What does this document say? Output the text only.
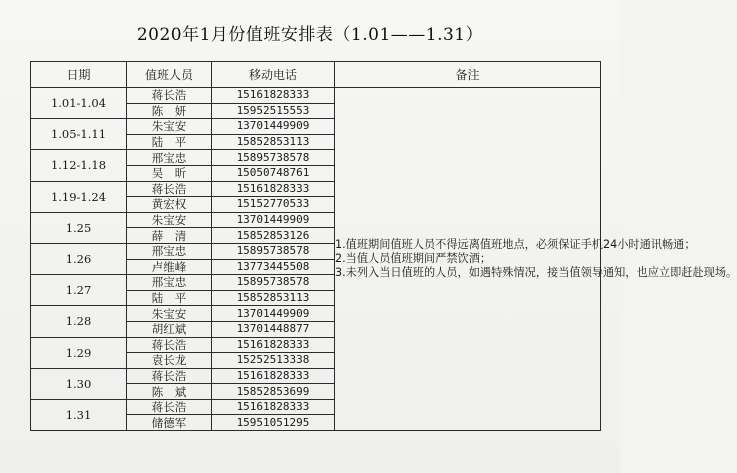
2020年1月份值班安排表（1.01——1.31）
日期	值班人员	移动电话	备注
1.01-1.04	蒋长浩	15161828333	1.值班期间值班人员不得远离值班地点，必须保证手机24小时通讯畅通；
2.当值人员值班期间严禁饮酒；
3.未列入当日值班的人员，如遇特殊情况，接当值领导通知，也应立即赶赴现场。

	陈　妍	15952515553	
1.05-1.11	朱宝安	13701449909	
	陆　平	15852853113	
1.12-1.18	邢宝忠	15895738578	
	吴　昕	15050748761	
1.19-1.24	蒋长浩	15161828333	
	黄宏权	15152770533	
1.25	朱宝安	13701449909	
	薛　清	15852853126	
1.26	邢宝忠	15895738578	
	卢维峰	13773445508	
1.27	邢宝忠	15895738578	
	陆　平	15852853113	
1.28	朱宝安	13701449909	
	胡红斌	13701448877	
1.29	蒋长浩	15161828333	
	袁长龙	15252513338	
1.30	蒋长浩	15161828333	
	陈　斌	15852853699	
1.31	蒋长浩	15161828333	
	储德军	15951051295	
